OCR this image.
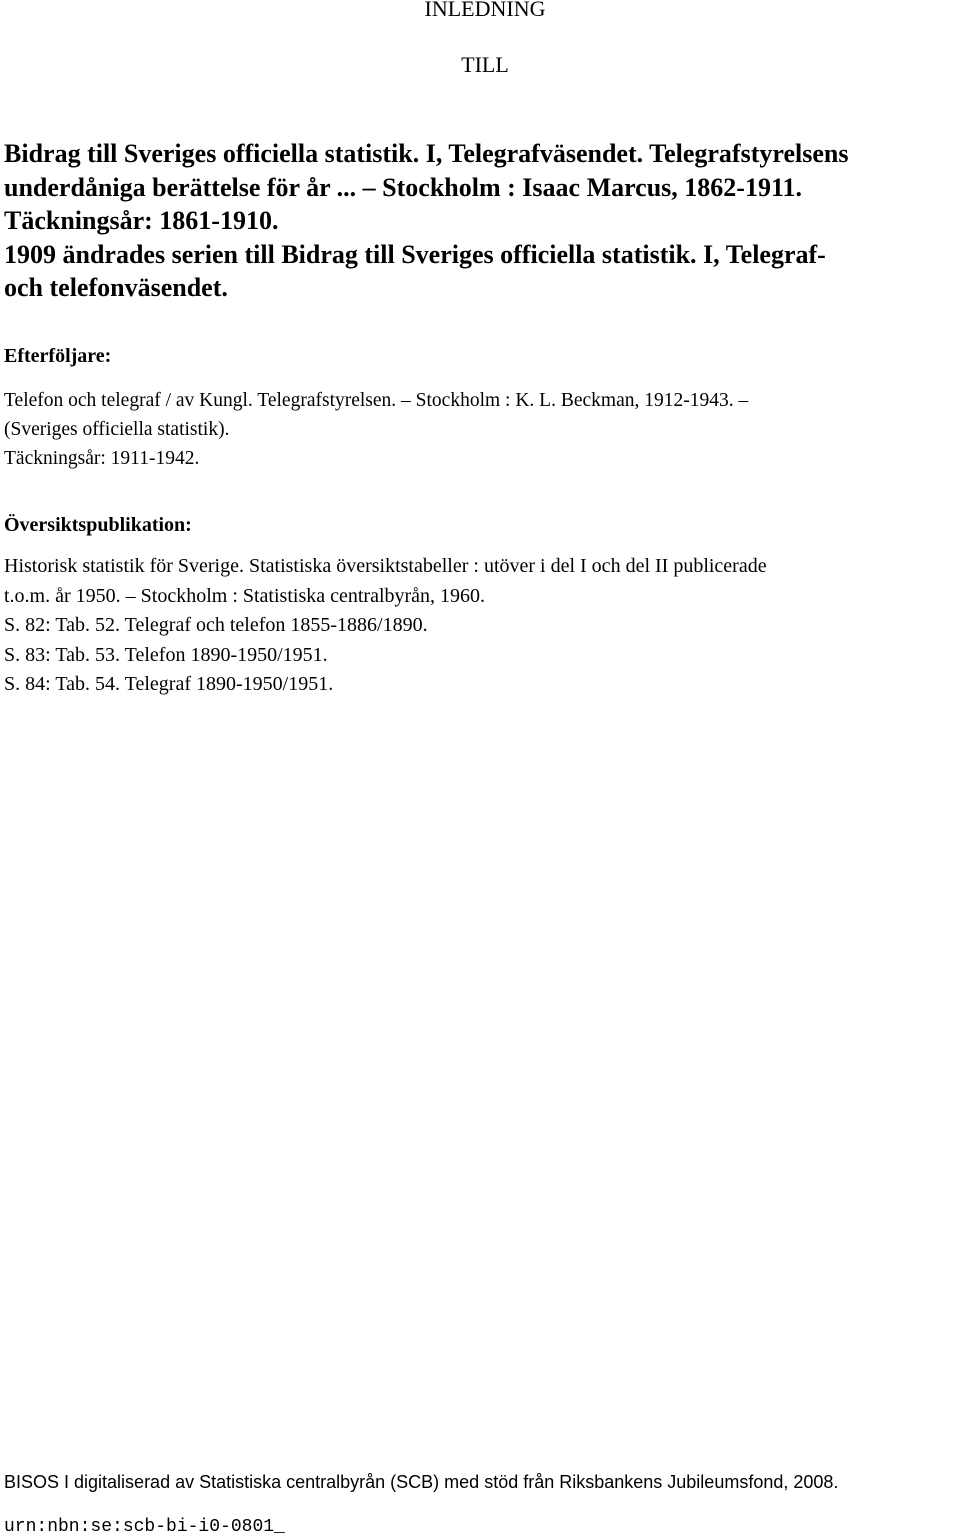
INLEDNING
TILL
Bidrag till Sveriges officiella statistik. I, Telegrafväsendet. Telegrafstyrelsens
underdåniga berättelse för år ... – Stockholm : Isaac Marcus, 1862-1911.
Täckningsår: 1861-1910.
1909 ändrades serien till Bidrag till Sveriges officiella statistik. I, Telegraf-
och telefonväsendet.
Efterföljare:
Telefon och telegraf / av Kungl. Telegrafstyrelsen. – Stockholm : K. L. Beckman, 1912-1943. –
(Sveriges officiella statistik).
Täckningsår: 1911-1942.
Översiktspublikation:
Historisk statistik för Sverige. Statistiska översiktstabeller : utöver i del I och del II publicerade
t.o.m. år 1950. – Stockholm : Statistiska centralbyrån, 1960.
S. 82: Tab. 52. Telegraf och telefon 1855-1886/1890.
S. 83: Tab. 53. Telefon 1890-1950/1951.
S. 84: Tab. 54. Telegraf 1890-1950/1951.
BISOS I digitaliserad av Statistiska centralbyrån (SCB) med stöd från Riksbankens Jubileumsfond, 2008.
urn:nbn:se:scb-bi-i0-0801_
